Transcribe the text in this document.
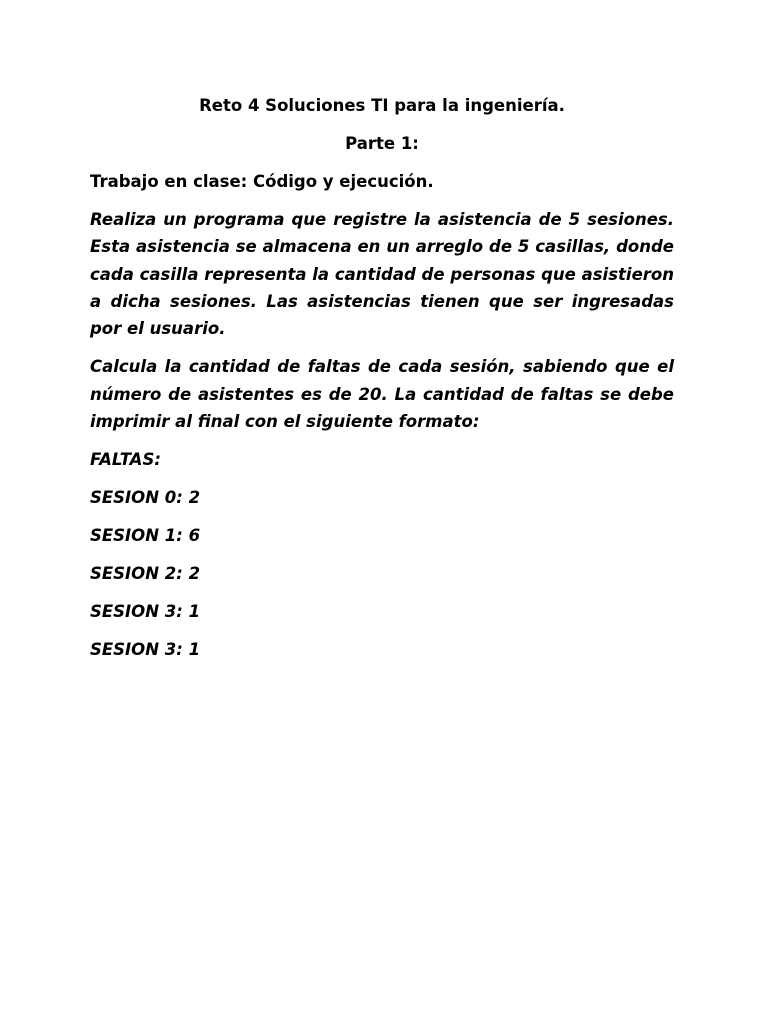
Reto 4 Soluciones TI para la ingeniería.
Parte 1:
Trabajo en clase: Código y ejecución.
Realiza un programa que registre la asistencia de 5 sesiones. Esta asistencia se almacena en un arreglo de 5 casillas, donde cada casilla representa la cantidad de personas que asistieron a dicha sesiones. Las asistencias tienen que ser ingresadas por el usuario.
Calcula la cantidad de faltas de cada sesión, sabiendo que el número de asistentes es de 20. La cantidad de faltas se debe imprimir al final con el siguiente formato:
FALTAS:
SESION 0: 2
SESION 1: 6
SESION 2: 2
SESION 3: 1
SESION 3: 1
